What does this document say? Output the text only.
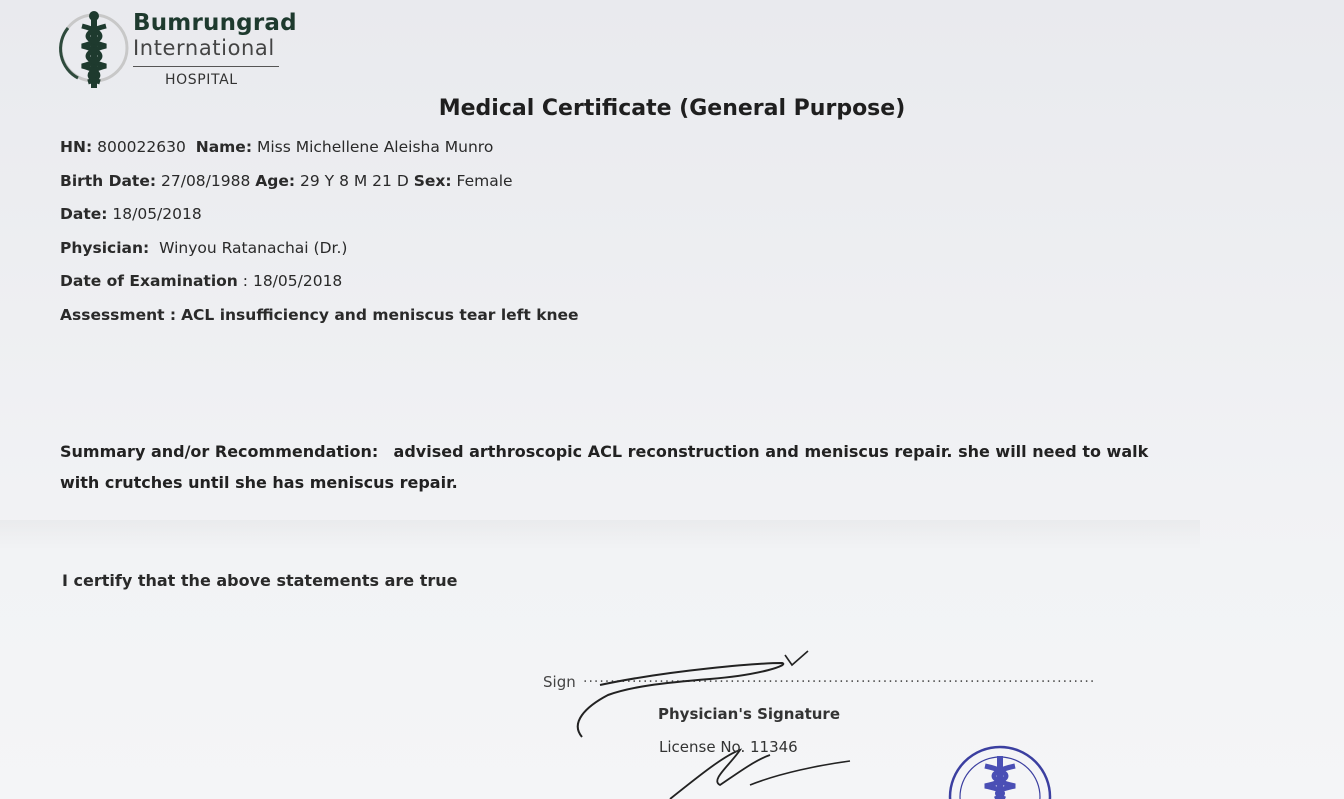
Bumrungrad
International
HOSPITAL
Medical Certificate (General Purpose)
HN: 800022630 Name: Miss Michellene Aleisha Munro
Birth Date: 27/08/1988 Age: 29 Y 8 M 21 D Sex: Female
Date: 18/05/2018
Physician: Winyou Ratanachai (Dr.)
Date of Examination : 18/05/2018
Assessment : ACL insufficiency and meniscus tear left knee
Summary and/or Recommendation: advised arthroscopic ACL reconstruction and meniscus repair. she will need to walk with crutches until she has meniscus repair.
I certify that the above statements are true
Sign ..............................................................................................
Physician's Signature
License No. 11346
